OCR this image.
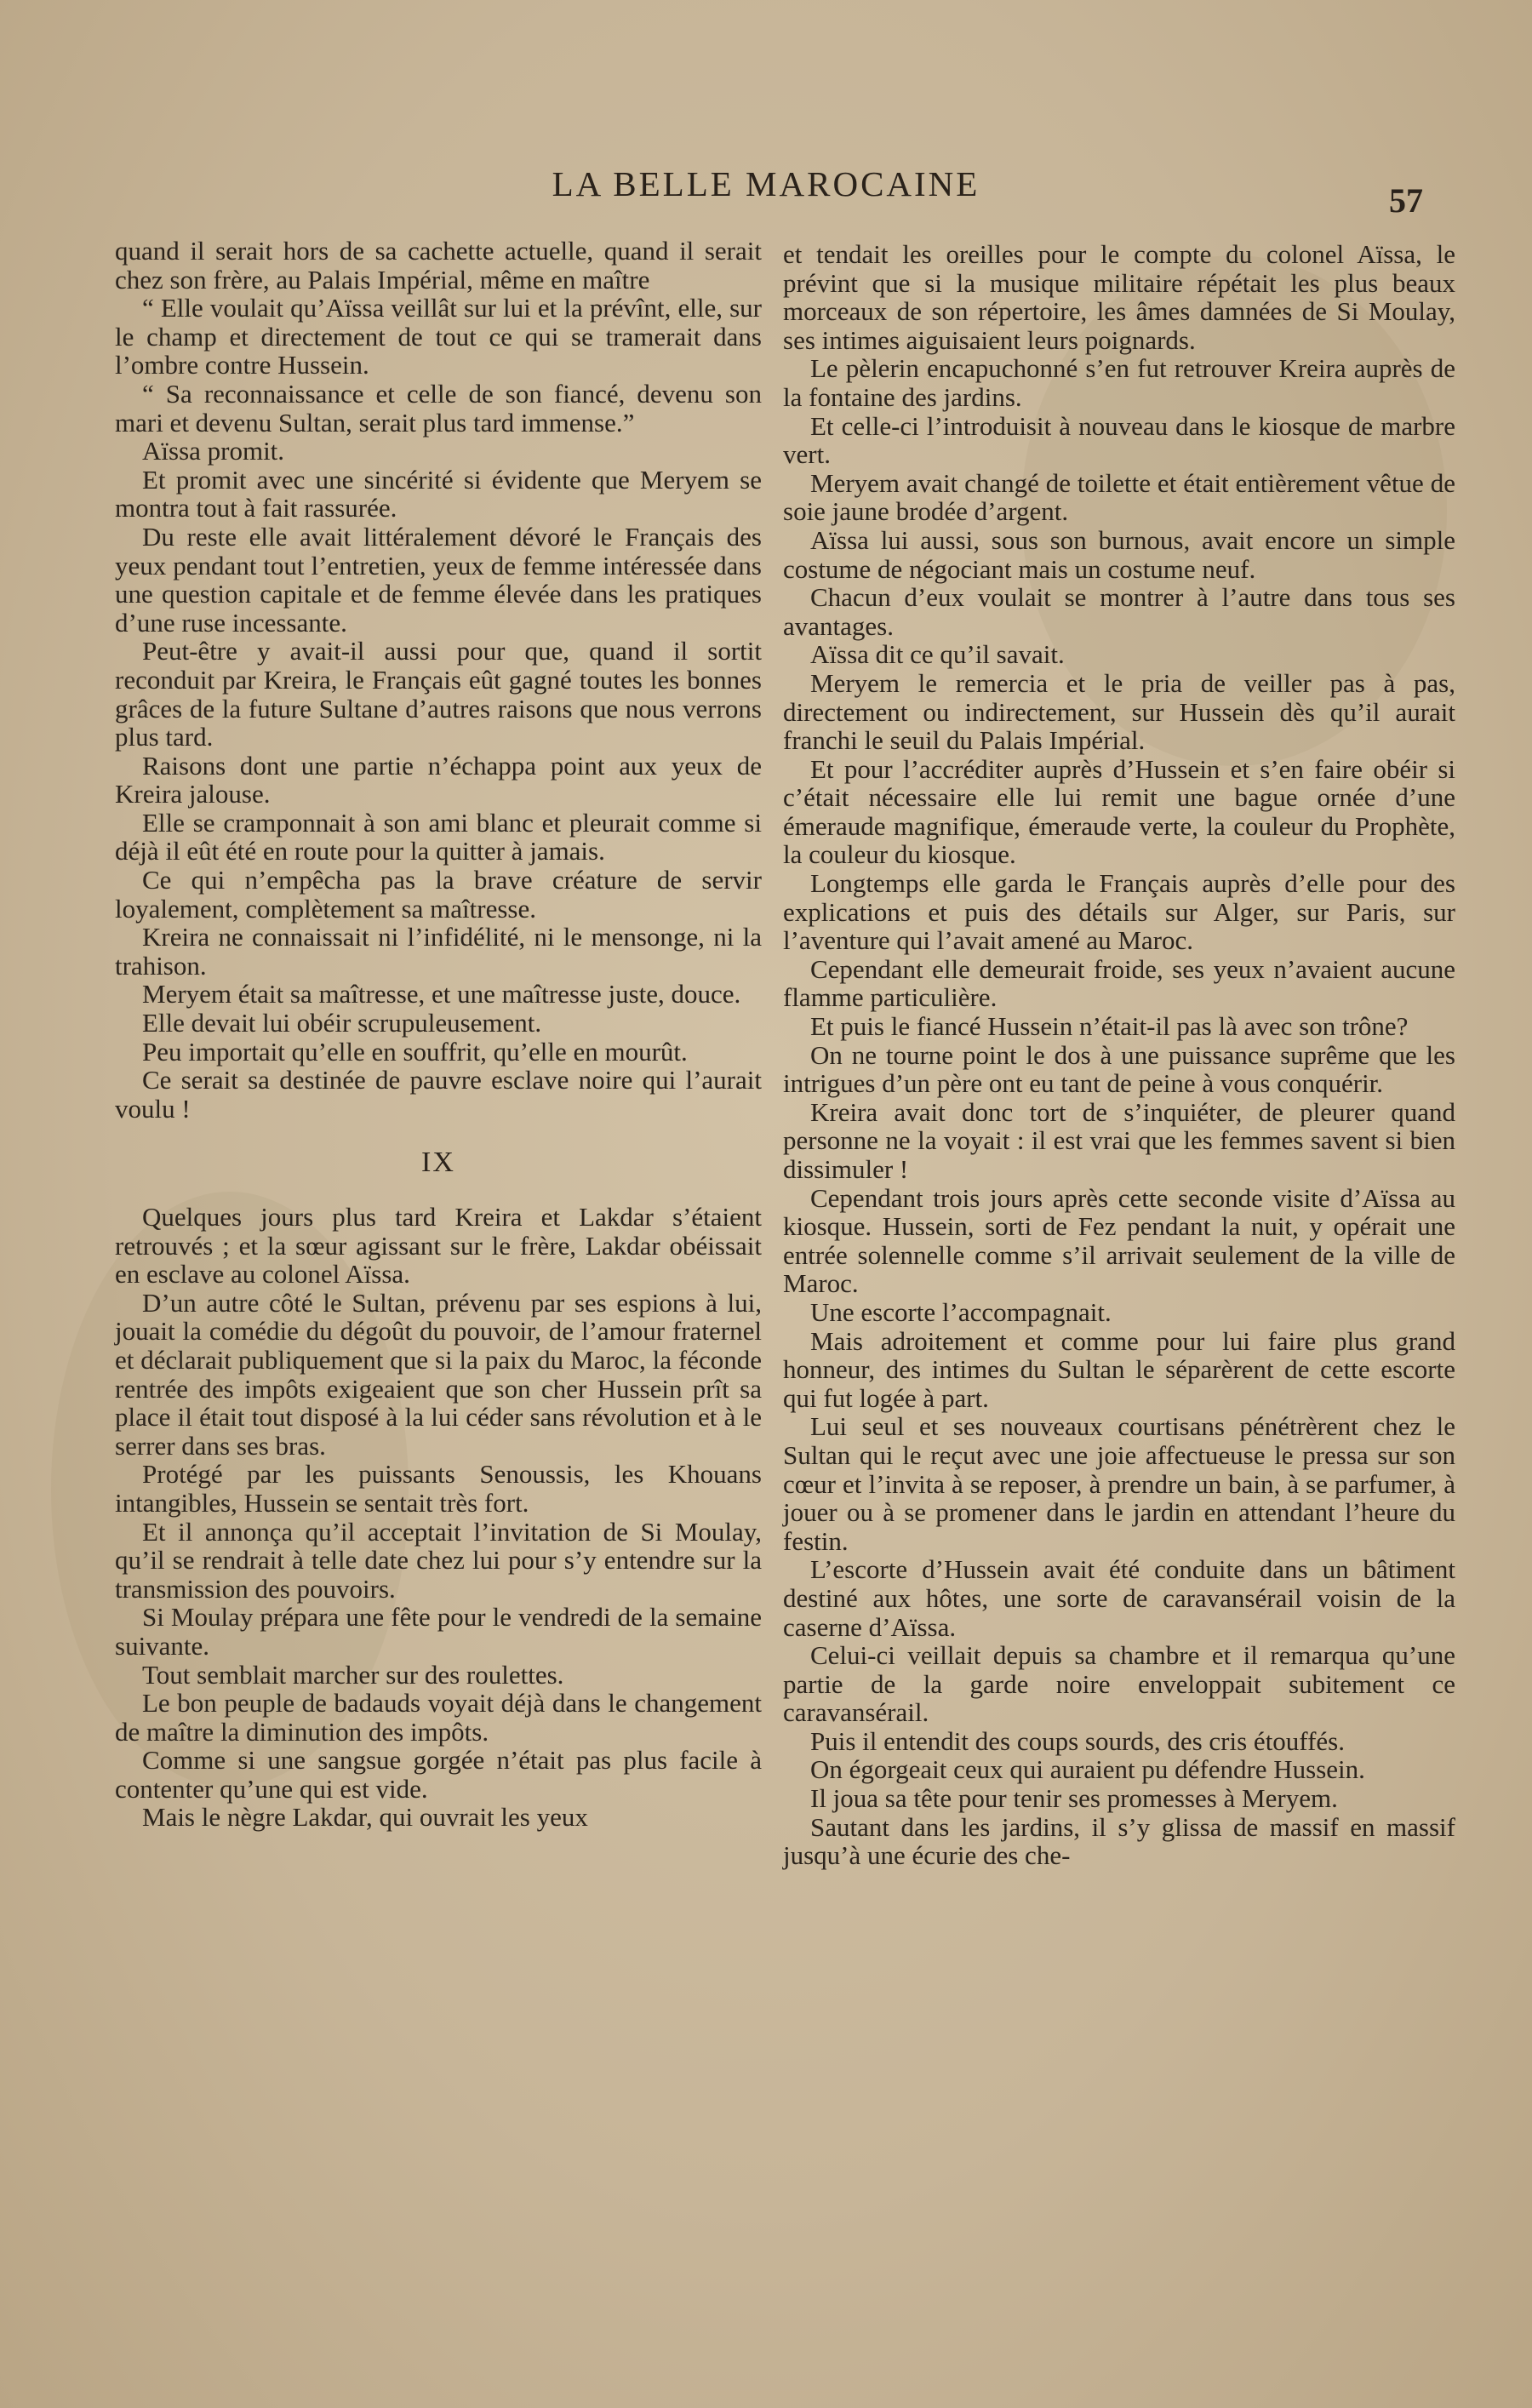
LA BELLE MAROCAINE	57

quand il serait hors de sa cachette actuelle, quand il serait chez son frère, au Palais Impérial, même en maître

“ Elle voulait qu’Aïssa veillât sur lui et la prévînt, elle, sur le champ et directement de tout ce qui se tramerait dans l’ombre contre Hussein.

“ Sa reconnaissance et celle de son fiancé, devenu son mari et devenu Sultan, serait plus tard immense.”

Aïssa promit.

Et promit avec une sincérité si évidente que Meryem se montra tout à fait rassurée.

Du reste elle avait littéralement dévoré le Français des yeux pendant tout l’entretien, yeux de femme intéressée dans une question capitale et de femme élevée dans les pratiques d’une ruse incessante.

Peut-être y avait-il aussi pour que, quand il sortit reconduit par Kreira, le Français eût gagné toutes les bonnes grâces de la future Sultane d’autres raisons que nous verrons plus tard.

Raisons dont une partie n’échappa point aux yeux de Kreira jalouse.

Elle se cramponnait à son ami blanc et pleurait comme si déjà il eût été en route pour la quitter à jamais.

Ce qui n’empêcha pas la brave créature de servir loyalement, complètement sa maîtresse.

Kreira ne connaissait ni l’infidélité, ni le mensonge, ni la trahison.

Meryem était sa maîtresse, et une maîtresse juste, douce.

Elle devait lui obéir scrupuleusement.

Peu importait qu’elle en souffrit, qu’elle en mourût.

Ce serait sa destinée de pauvre esclave noire qui l’aurait voulu !

IX

Quelques jours plus tard Kreira et Lakdar s’étaient retrouvés ; et la sœur agissant sur le frère, Lakdar obéissait en esclave au colonel Aïssa.

D’un autre côté le Sultan, prévenu par ses espions à lui, jouait la comédie du dégoût du pouvoir, de l’amour fraternel et déclarait publiquement que si la paix du Maroc, la féconde rentrée des impôts exigeaient que son cher Hussein prît sa place il était tout disposé à la lui céder sans révolution et à le serrer dans ses bras.

Protégé par les puissants Senoussis, les Khouans intangibles, Hussein se sentait très fort.

Et il annonça qu’il acceptait l’invitation de Si Moulay, qu’il se rendrait à telle date chez lui pour s’y entendre sur la transmission des pouvoirs.

Si Moulay prépara une fête pour le vendredi de la semaine suivante.

Tout semblait marcher sur des roulettes.

Le bon peuple de badauds voyait déjà dans le changement de maître la diminution des impôts.

Comme si une sangsue gorgée n’était pas plus facile à contenter qu’une qui est vide.

Mais le nègre Lakdar, qui ouvrait les yeux

et tendait les oreilles pour le compte du colonel Aïssa, le prévint que si la musique militaire répétait les plus beaux morceaux de son répertoire, les âmes damnées de Si Moulay, ses intimes aiguisaient leurs poignards.

Le pèlerin encapuchonné s’en fut retrouver Kreira auprès de la fontaine des jardins.

Et celle-ci l’introduisit à nouveau dans le kiosque de marbre vert.

Meryem avait changé de toilette et était entièrement vêtue de soie jaune brodée d’argent.

Aïssa lui aussi, sous son burnous, avait encore un simple costume de négociant mais un costume neuf.

Chacun d’eux voulait se montrer à l’autre dans tous ses avantages.

Aïssa dit ce qu’il savait.

Meryem le remercia et le pria de veiller pas à pas, directement ou indirectement, sur Hussein dès qu’il aurait franchi le seuil du Palais Impérial.

Et pour l’accréditer auprès d’Hussein et s’en faire obéir si c’était nécessaire elle lui remit une bague ornée d’une émeraude magnifique, émeraude verte, la couleur du Prophète, la couleur du kiosque.

Longtemps elle garda le Français auprès d’elle pour des explications et puis des détails sur Alger, sur Paris, sur l’aventure qui l’avait amené au Maroc.

Cependant elle demeurait froide, ses yeux n’avaient aucune flamme particulière.

Et puis le fiancé Hussein n’était-il pas là avec son trône?

On ne tourne point le dos à une puissance suprême que les intrigues d’un père ont eu tant de peine à vous conquérir.

Kreira avait donc tort de s’inquiéter, de pleurer quand personne ne la voyait : il est vrai que les femmes savent si bien dissimuler !

Cependant trois jours après cette seconde visite d’Aïssa au kiosque. Hussein, sorti de Fez pendant la nuit, y opérait une entrée solennelle comme s’il arrivait seulement de la ville de Maroc.

Une escorte l’accompagnait.

Mais adroitement et comme pour lui faire plus grand honneur, des intimes du Sultan le séparèrent de cette escorte qui fut logée à part.

Lui seul et ses nouveaux courtisans pénétrèrent chez le Sultan qui le reçut avec une joie affectueuse le pressa sur son cœur et l’invita à se reposer, à prendre un bain, à se parfumer, à jouer ou à se promener dans le jardin en attendant l’heure du festin.

L’escorte d’Hussein avait été conduite dans un bâtiment destiné aux hôtes, une sorte de caravansérail voisin de la caserne d’Aïssa.

Celui-ci veillait depuis sa chambre et il remarqua qu’une partie de la garde noire enveloppait subitement ce caravansérail.

Puis il entendit des coups sourds, des cris étouffés.

On égorgeait ceux qui auraient pu défendre Hussein.

Il joua sa tête pour tenir ses promesses à Meryem.

Sautant dans les jardins, il s’y glissa de massif en massif jusqu’à une écurie des che-
